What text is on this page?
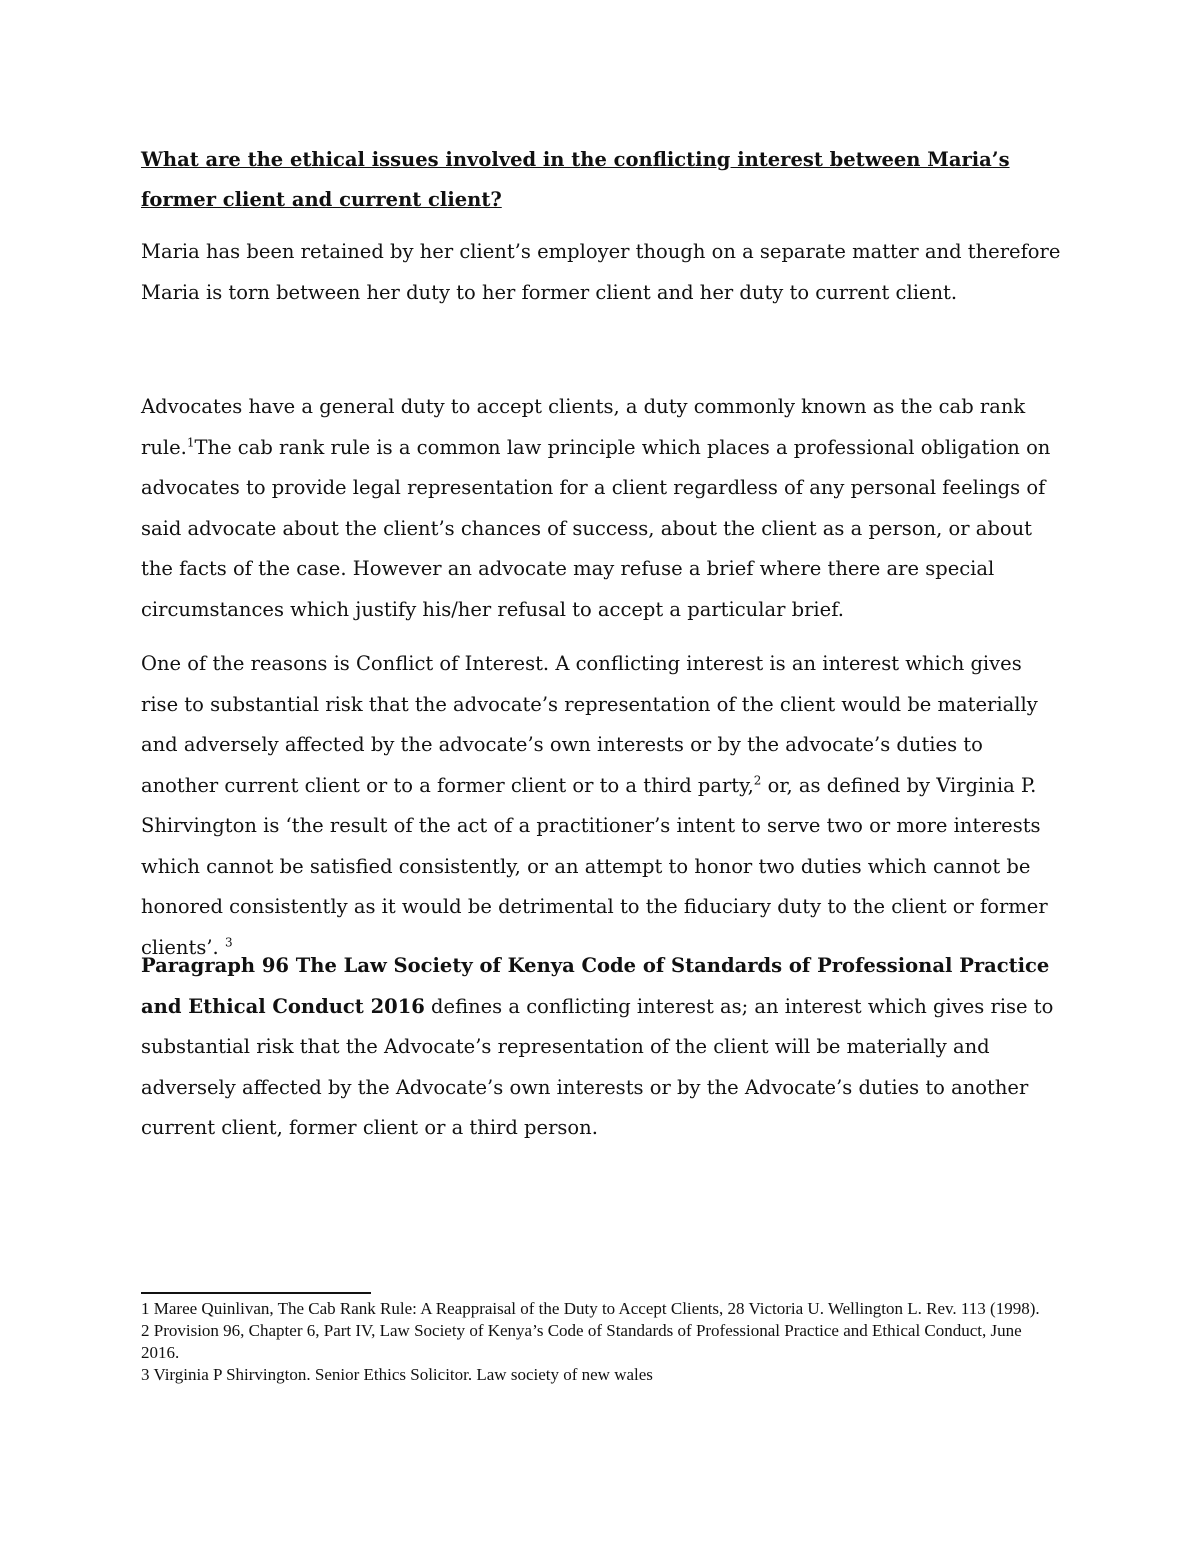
What are the ethical issues involved in the conflicting interest between Maria’s former client and current client?

Maria has been retained by her client’s employer though on a separate matter and therefore Maria is torn between her duty to her former client and her duty to current client.

Advocates have a general duty to accept clients, a duty commonly known as the cab rank rule.$^1$The cab rank rule is a common law principle which places a professional obligation on advocates to provide legal representation for a client regardless of any personal feelings of said advocate about the client’s chances of success, about the client as a person, or about the facts of the case. However an advocate may refuse a brief where there are special circumstances which justify his/her refusal to accept a particular brief.

One of the reasons is Conflict of Interest. A conflicting interest is an interest which gives rise to substantial risk that the advocate’s representation of the client would be materially and adversely affected by the advocate’s own interests or by the advocate’s duties to another current client or to a former client or to a third party,$^2$ or, as defined by Virginia P. Shirvington is ‘the result of the act of a practitioner’s intent to serve two or more interests which cannot be satisfied consistently, or an attempt to honor two duties which cannot be honored consistently as it would be detrimental to the fiduciary duty to the client or former clients’. $^3$

Paragraph 96 The Law Society of Kenya Code of Standards of Professional Practice and Ethical Conduct 2016 defines a conflicting interest as; an interest which gives rise to substantial risk that the Advocate’s representation of the client will be materially and adversely affected by the Advocate’s own interests or by the Advocate’s duties to another current client, former client or a third person.

1 Maree Quinlivan, The Cab Rank Rule: A Reappraisal of the Duty to Accept Clients, 28 Victoria U. Wellington L. Rev. 113 (1998).

2 Provision 96, Chapter 6, Part IV, Law Society of Kenya’s Code of Standards of Professional Practice and Ethical Conduct, June 2016.

3 Virginia P Shirvington. Senior Ethics Solicitor. Law society of new wales
